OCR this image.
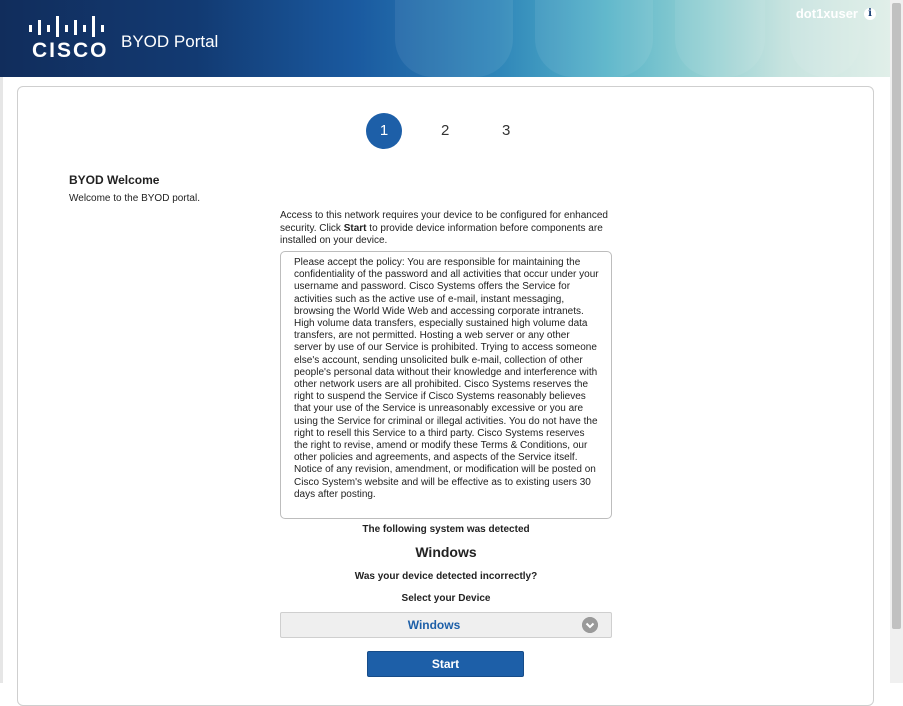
CISCO BYOD Portal
dot1xuser	i
1	2	3
BYOD Welcome
Welcome to the BYOD portal.
Access to this network requires your device to be configured for enhanced security. Click Start to provide device information before components are installed on your device.
Please accept the policy: You are responsible for maintaining the confidentiality of the password and all activities that occur under your username and password. Cisco Systems offers the Service for activities such as the active use of e-mail, instant messaging, browsing the World Wide Web and accessing corporate intranets. High volume data transfers, especially sustained high volume data transfers, are not permitted. Hosting a web server or any other server by use of our Service is prohibited. Trying to access someone else's account, sending unsolicited bulk e-mail, collection of other people's personal data without their knowledge and interference with other network users are all prohibited. Cisco Systems reserves the right to suspend the Service if Cisco Systems reasonably believes that your use of the Service is unreasonably excessive or you are using the Service for criminal or illegal activities. You do not have the right to resell this Service to a third party. Cisco Systems reserves the right to revise, amend or modify these Terms & Conditions, our other policies and agreements, and aspects of the Service itself. Notice of any revision, amendment, or modification will be posted on Cisco System's website and will be effective as to existing users 30 days after posting.
The following system was detected
Windows
Was your device detected incorrectly?
Select your Device
Windows
Start
